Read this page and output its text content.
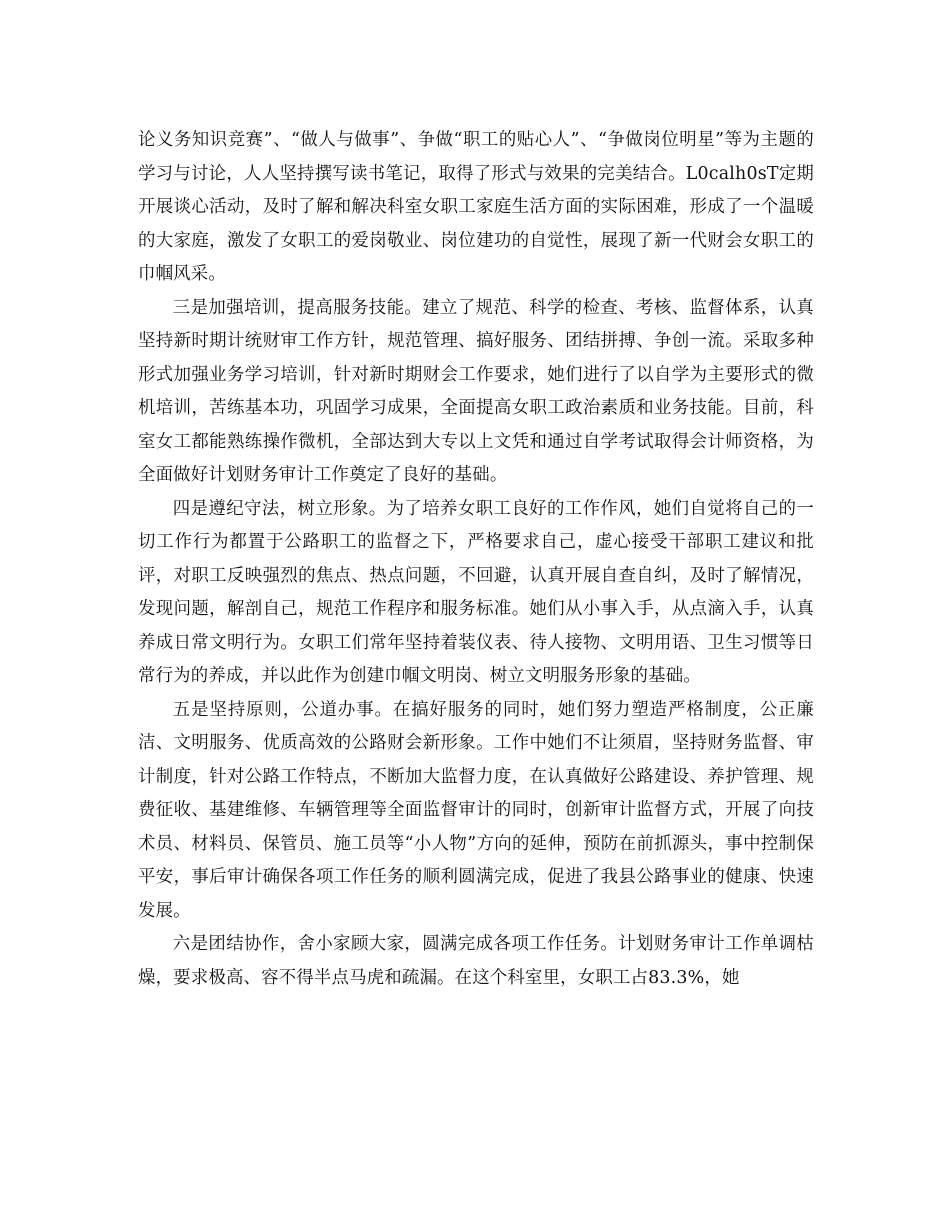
论义务知识竞赛”、“做人与做事”、争做“职工的贴心人”、“争做岗位明星”等为主题的学习与讨论，人人坚持撰写读书笔记，取得了形式与效果的完美结合。L0calh0sT定期开展谈心活动，及时了解和解决科室女职工家庭生活方面的实际困难，形成了一个温暖的大家庭，激发了女职工的爱岗敬业、岗位建功的自觉性，展现了新一代财会女职工的巾帼风采。

三是加强培训，提高服务技能。建立了规范、科学的检查、考核、监督体系，认真坚持新时期计统财审工作方针，规范管理、搞好服务、团结拼搏、争创一流。采取多种形式加强业务学习培训，针对新时期财会工作要求，她们进行了以自学为主要形式的微机培训，苦练基本功，巩固学习成果，全面提高女职工政治素质和业务技能。目前，科室女工都能熟练操作微机，全部达到大专以上文凭和通过自学考试取得会计师资格，为全面做好计划财务审计工作奠定了良好的基础。

四是遵纪守法，树立形象。为了培养女职工良好的工作作风，她们自觉将自己的一切工作行为都置于公路职工的监督之下，严格要求自己，虚心接受干部职工建议和批评，对职工反映强烈的焦点、热点问题，不回避，认真开展自查自纠，及时了解情况，发现问题，解剖自己，规范工作程序和服务标准。她们从小事入手，从点滴入手，认真养成日常文明行为。女职工们常年坚持着装仪表、待人接物、文明用语、卫生习惯等日常行为的养成，并以此作为创建巾帼文明岗、树立文明服务形象的基础。

五是坚持原则，公道办事。在搞好服务的同时，她们努力塑造严格制度，公正廉洁、文明服务、优质高效的公路财会新形象。工作中她们不让须眉，坚持财务监督、审计制度，针对公路工作特点，不断加大监督力度，在认真做好公路建设、养护管理、规费征收、基建维修、车辆管理等全面监督审计的同时，创新审计监督方式，开展了向技术员、材料员、保管员、施工员等“小人物”方向的延伸，预防在前抓源头，事中控制保平安，事后审计确保各项工作任务的顺利圆满完成，促进了我县公路事业的健康、快速发展。

六是团结协作，舍小家顾大家，圆满完成各项工作任务。计划财务审计工作单调枯燥，要求极高、容不得半点马虎和疏漏。在这个科室里，女职工占83.3%，她
